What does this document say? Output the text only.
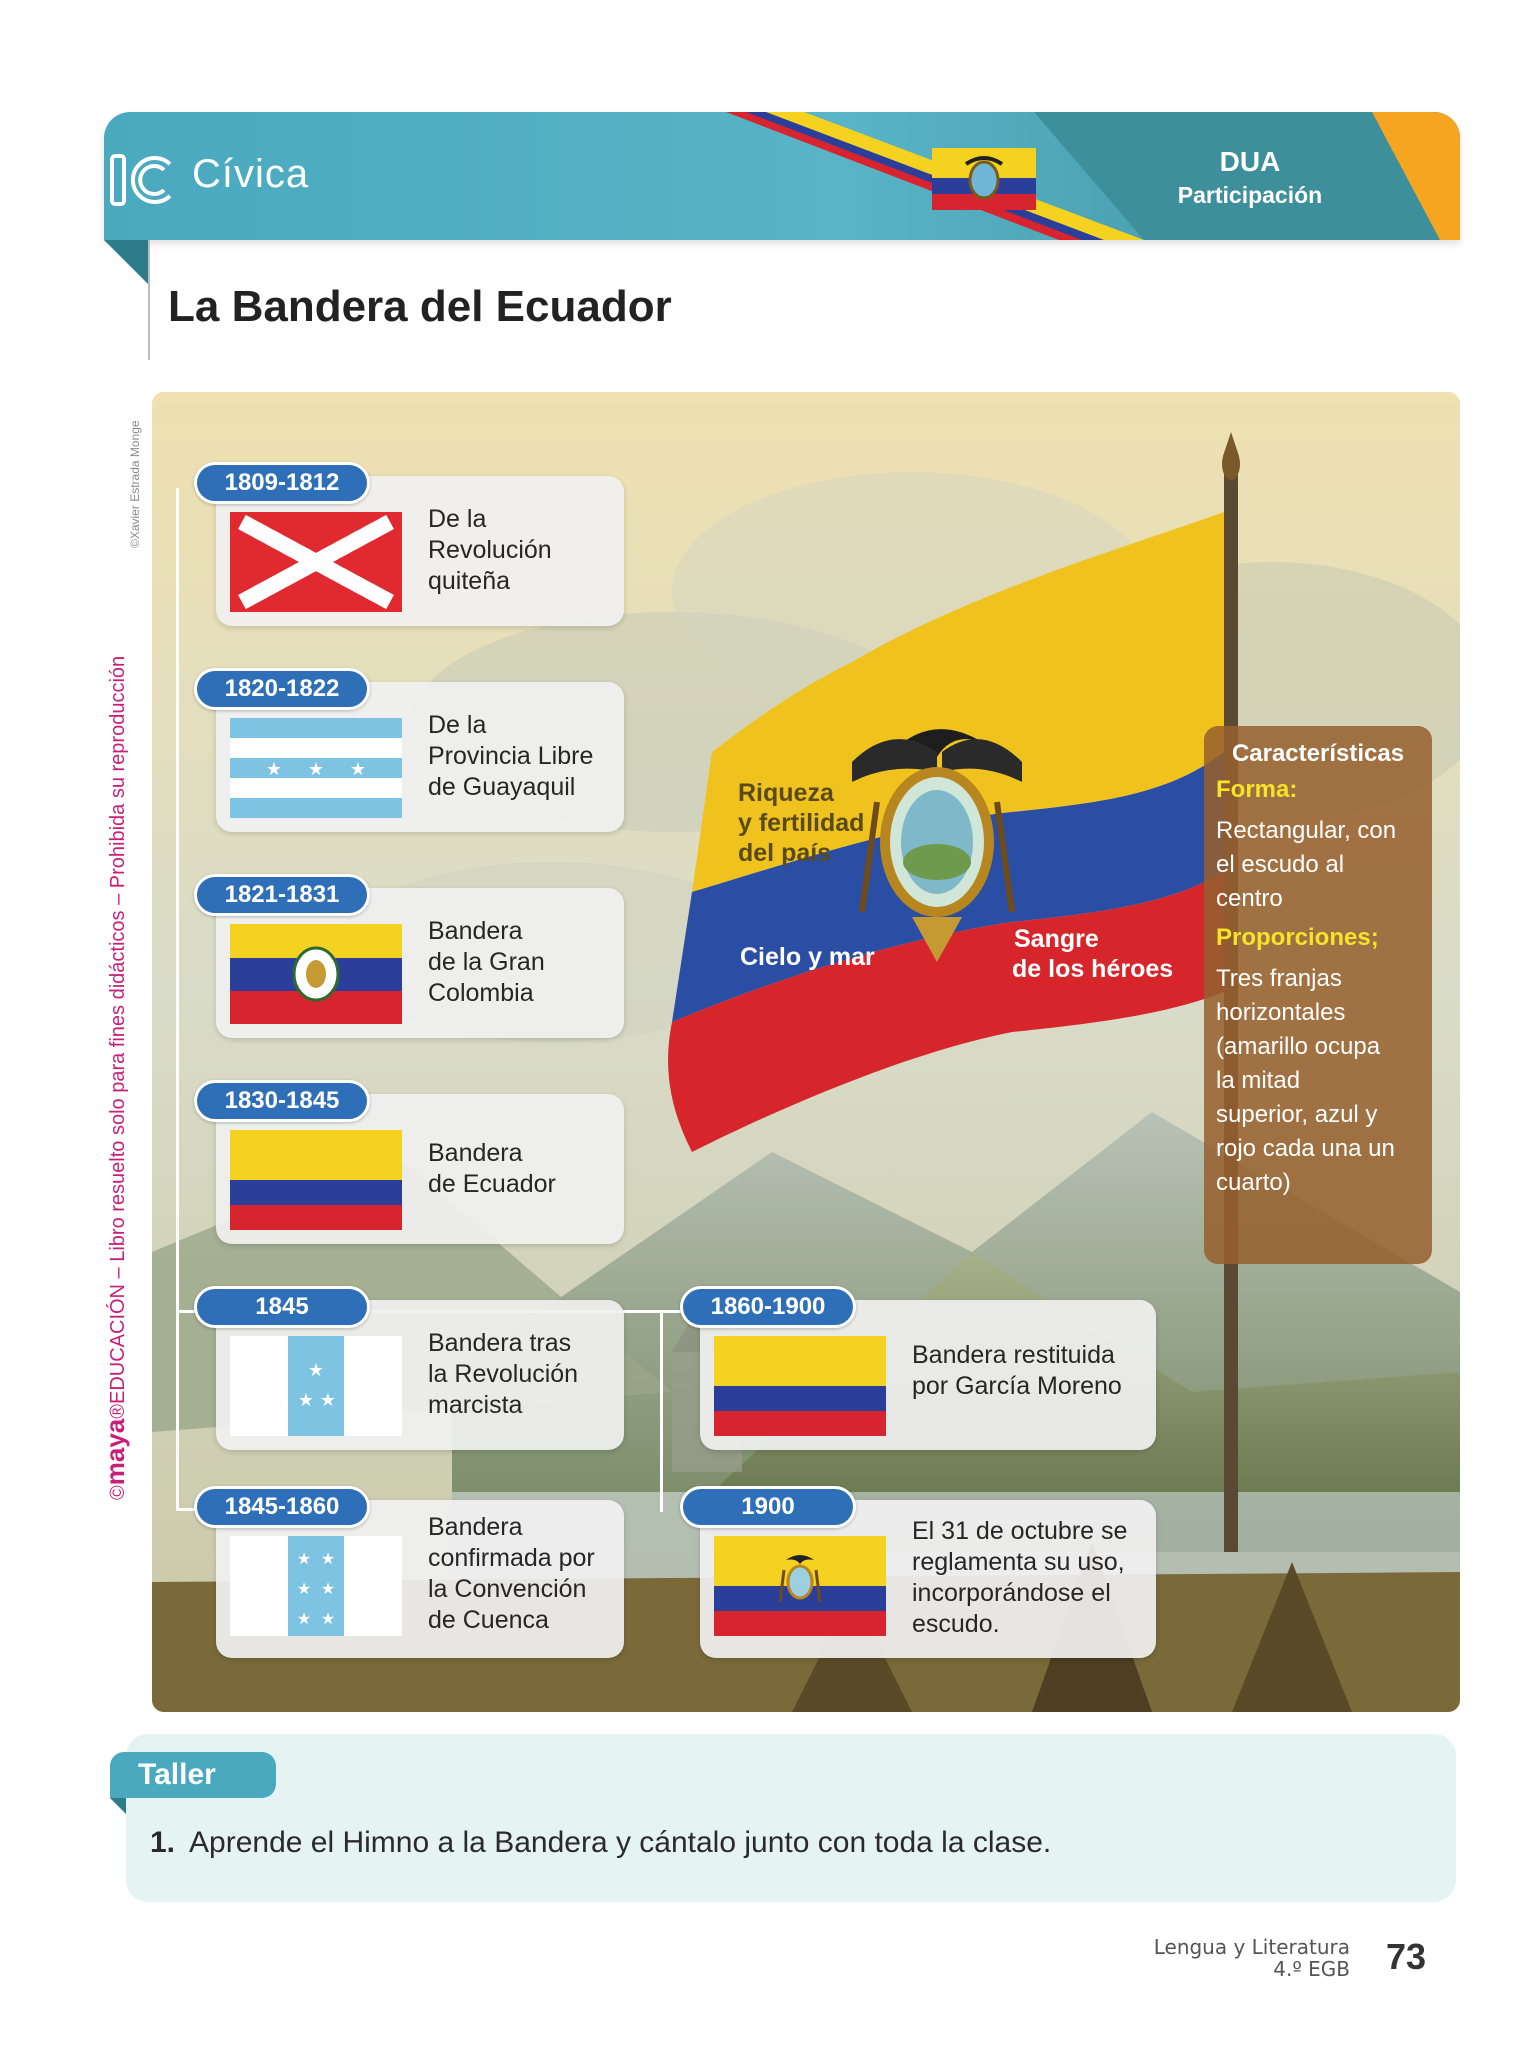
Cívica	DUA
Participación
La Bandera del Ecuador
©maya®EDUCACIÓN – Libro resuelto solo para fines didácticos – Prohibida su reproducción
©Xavier Estrada Monge
Riqueza
y fertilidad
del país
Cielo y mar
Sangre
de los héroes
Características
Forma:
Rectangular, con
el escudo al
centro
Proporciones;
Tres franjas
horizontales
(amarillo ocupa
la mitad
superior, azul y
rojo cada una un
cuarto)
De la
Revolución
quiteña
1809-1812
★ ★ ★
De la
Provincia Libre
de Guayaquil
1820-1822
Bandera
de la Gran
Colombia
1821-1831
Bandera
de Ecuador
1830-1845
★
★ ★
Bandera tras
la Revolución
marcista
1845
★ ★
★ ★
★ ★
Bandera
confirmada por
la Convención
de Cuenca
1845-1860
Bandera restituida
por García Moreno
1860-1900
El 31 de octubre se
reglamenta su uso,
incorporándose el
escudo.
1900
Taller
1. Aprende el Himno a la Bandera y cántalo junto con toda la clase.
Lengua y Literatura
4.º EGB 73
